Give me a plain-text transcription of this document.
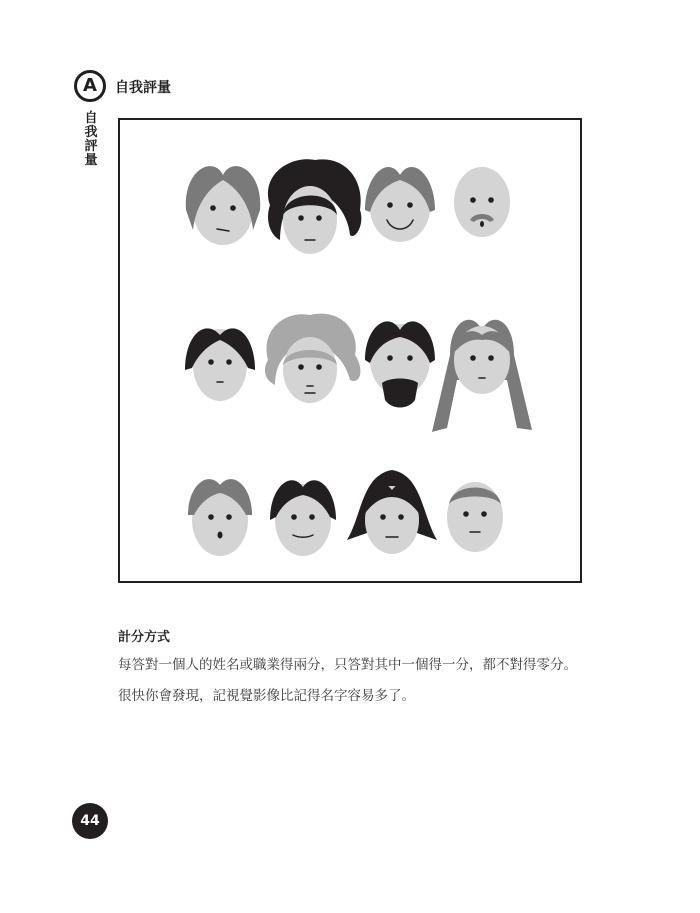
A 自我評量
自我評量
計分方式
每答對一個人的姓名或職業得兩分，只答對其中一個得一分，都不對得零分。很快你會發現，記視覺影像比記得名字容易多了。
44
